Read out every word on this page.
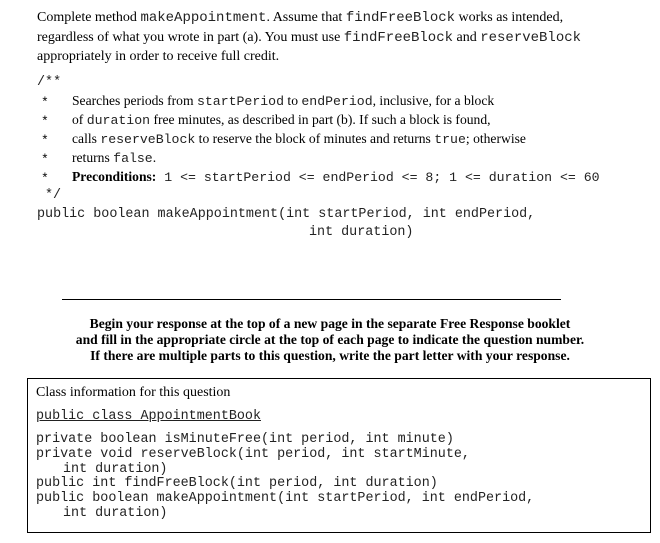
Complete method makeAppointment. Assume that findFreeBlock works as intended,
regardless of what you wrote in part (a). You must use findFreeBlock and reserveBlock
appropriately in order to receive full credit.
/**
* Searches periods from startPeriod to endPeriod, inclusive, for a block
* of duration free minutes, as described in part (b). If such a block is found,
* calls reserveBlock to reserve the block of minutes and returns true; otherwise
* returns false.
* Preconditions: 1 <= startPeriod <= endPeriod <= 8; 1 <= duration <= 60
*/
public boolean makeAppointment(int startPeriod, int endPeriod,
int duration)
Begin your response at the top of a new page in the separate Free Response booklet
and fill in the appropriate circle at the top of each page to indicate the question number.
If there are multiple parts to this question, write the part letter with your response.
Class information for this question
public class AppointmentBook
private boolean isMinuteFree(int period, int minute)
private void reserveBlock(int period, int startMinute,
int duration)
public int findFreeBlock(int period, int duration)
public boolean makeAppointment(int startPeriod, int endPeriod,
int duration)
